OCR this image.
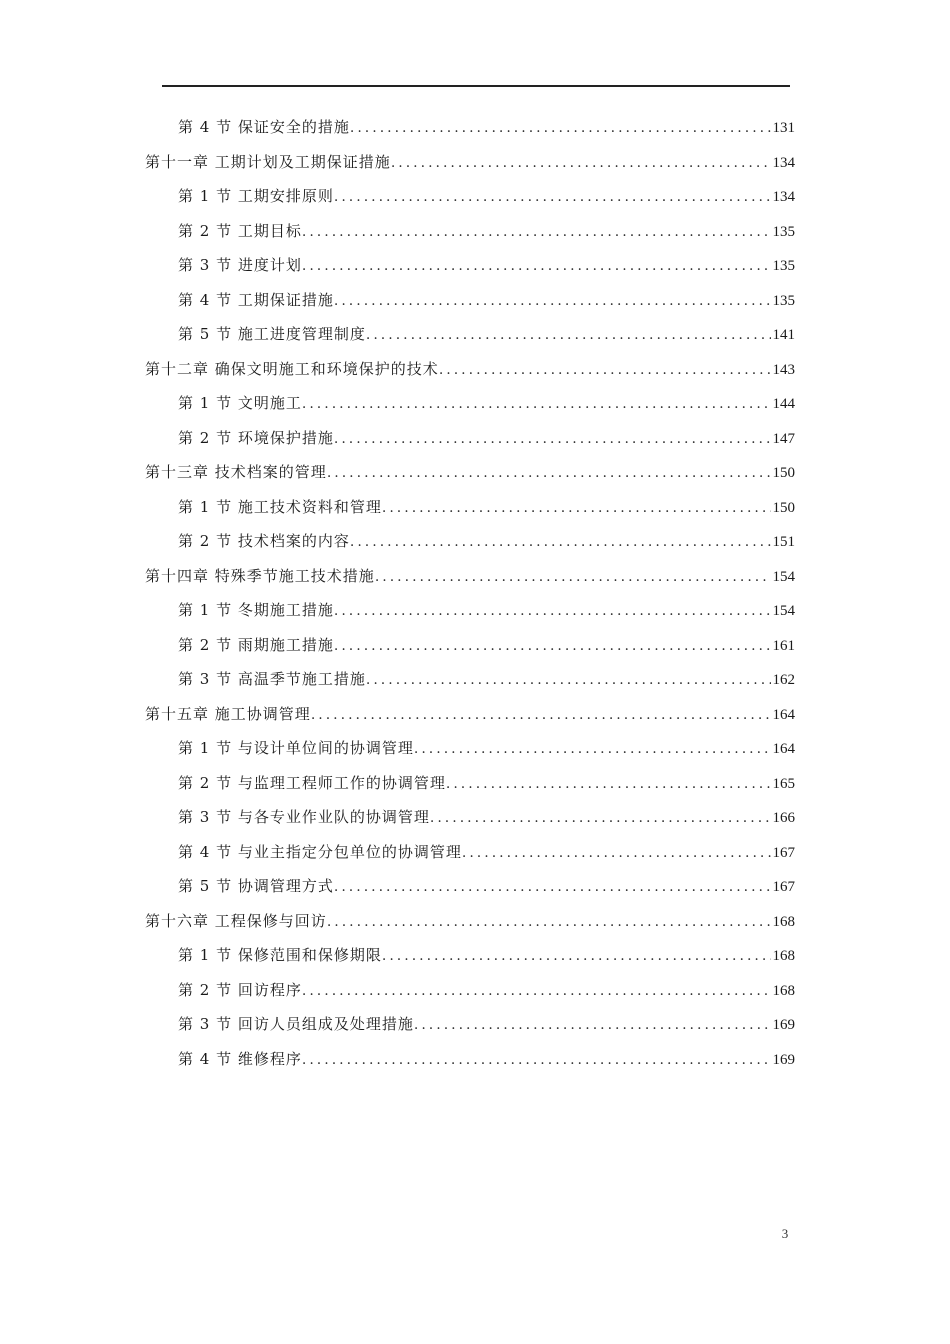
第 4 节 保证安全的措施 .....	131
第十一章 工期计划及工期保证措施 .....	134
第 1 节 工期安排原则 .....	134
第 2 节 工期目标 .....	135
第 3 节 进度计划 .....	135
第 4 节 工期保证措施 .....	135
第 5 节 施工进度管理制度 .....	141
第十二章 确保文明施工和环境保护的技术 .....	143
第 1 节 文明施工 .....	144
第 2 节 环境保护措施 .....	147
第十三章 技术档案的管理 .....	150
第 1 节 施工技术资料和管理 .....	150
第 2 节 技术档案的内容 .....	151
第十四章 特殊季节施工技术措施 .....	154
第 1 节 冬期施工措施 .....	154
第 2 节 雨期施工措施 .....	161
第 3 节 高温季节施工措施 .....	162
第十五章 施工协调管理 .....	164
第 1 节 与设计单位间的协调管理 .....	164
第 2 节 与监理工程师工作的协调管理 .....	165
第 3 节 与各专业作业队的协调管理 .....	166
第 4 节 与业主指定分包单位的协调管理 .....	167
第 5 节 协调管理方式 .....	167
第十六章 工程保修与回访 .....	168
第 1 节 保修范围和保修期限 .....	168
第 2 节 回访程序 .....	168
第 3 节 回访人员组成及处理措施 .....	169
第 4 节 维修程序 .....	169
3
